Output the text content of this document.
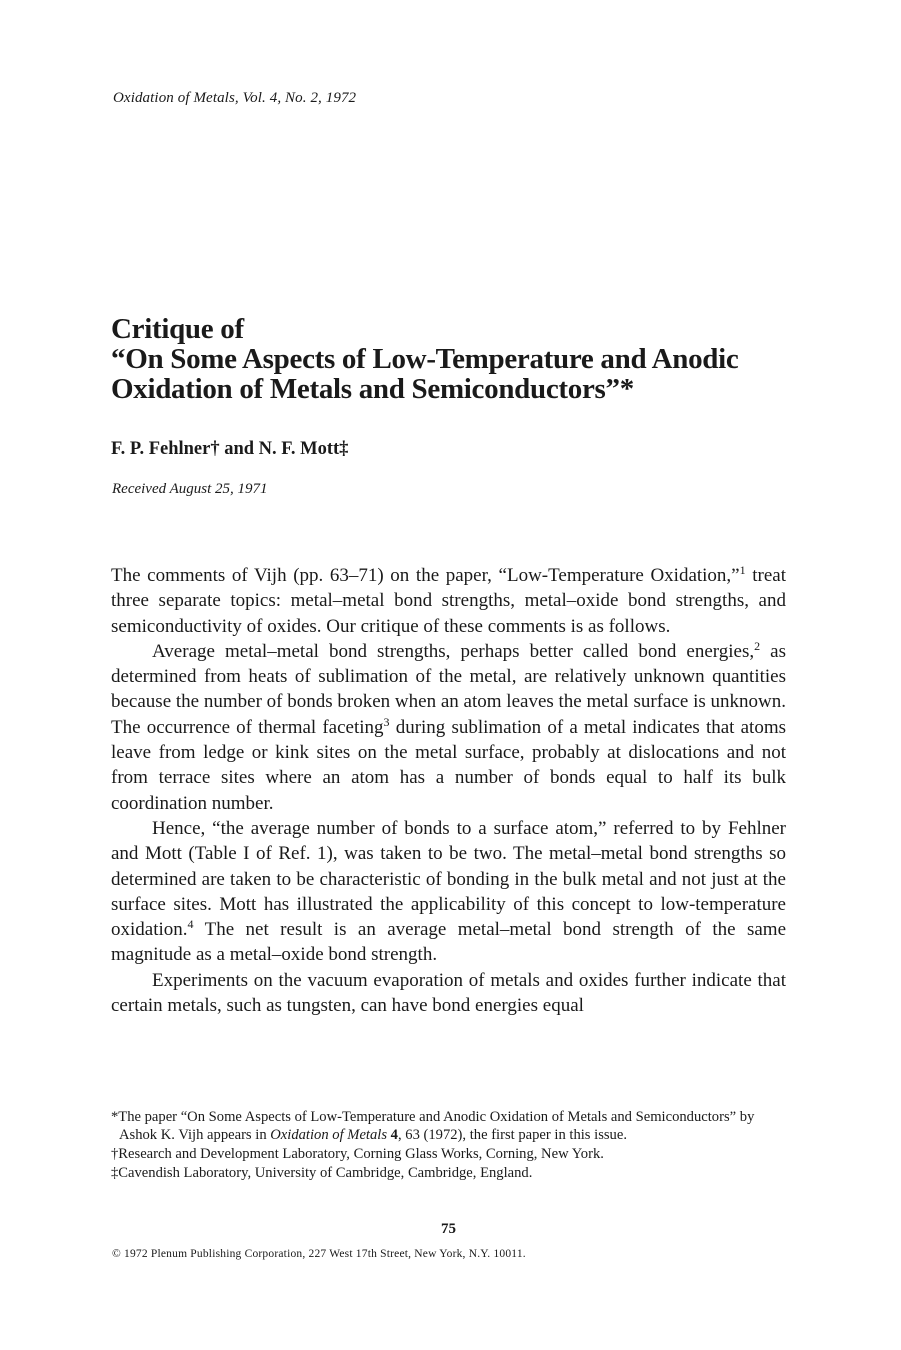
Oxidation of Metals, Vol. 4, No. 2, 1972
Critique of
“On Some Aspects of Low-Temperature and Anodic
Oxidation of Metals and Semiconductors”*
F. P. Fehlner† and N. F. Mott‡
Received August 25, 1971

The comments of Vijh (pp. 63–71) on the paper, “Low-Temperature Oxidation,”$^1$ treat three separate topics: metal–metal bond strengths, metal–oxide bond strengths, and semiconductivity of oxides. Our critique of these comments is as follows.

Average metal–metal bond strengths, perhaps better called bond energies,$^2$ as determined from heats of sublimation of the metal, are relatively unknown quantities because the number of bonds broken when an atom leaves the metal surface is unknown. The occurrence of thermal faceting$^3$ during sublimation of a metal indicates that atoms leave from ledge or kink sites on the metal surface, probably at dislocations and not from terrace sites where an atom has a number of bonds equal to half its bulk coordination number.

Hence, “the average number of bonds to a surface atom,” referred to by Fehlner and Mott (Table I of Ref. 1), was taken to be two. The metal–metal bond strengths so determined are taken to be characteristic of bonding in the bulk metal and not just at the surface sites. Mott has illustrated the applicability of this concept to low-temperature oxidation.$^4$ The net result is an average metal–metal bond strength of the same magnitude as a metal–oxide bond strength.

Experiments on the vacuum evaporation of metals and oxides further indicate that certain metals, such as tungsten, can have bond energies equal

*The paper “On Some Aspects of Low-Temperature and Anodic Oxidation of Metals and Semiconductors” by Ashok K. Vijh appears in Oxidation of Metals 4, 63 (1972), the first paper in this issue.

†Research and Development Laboratory, Corning Glass Works, Corning, New York.

‡Cavendish Laboratory, University of Cambridge, Cambridge, England.

75
© 1972 Plenum Publishing Corporation, 227 West 17th Street, New York, N.Y. 10011.
